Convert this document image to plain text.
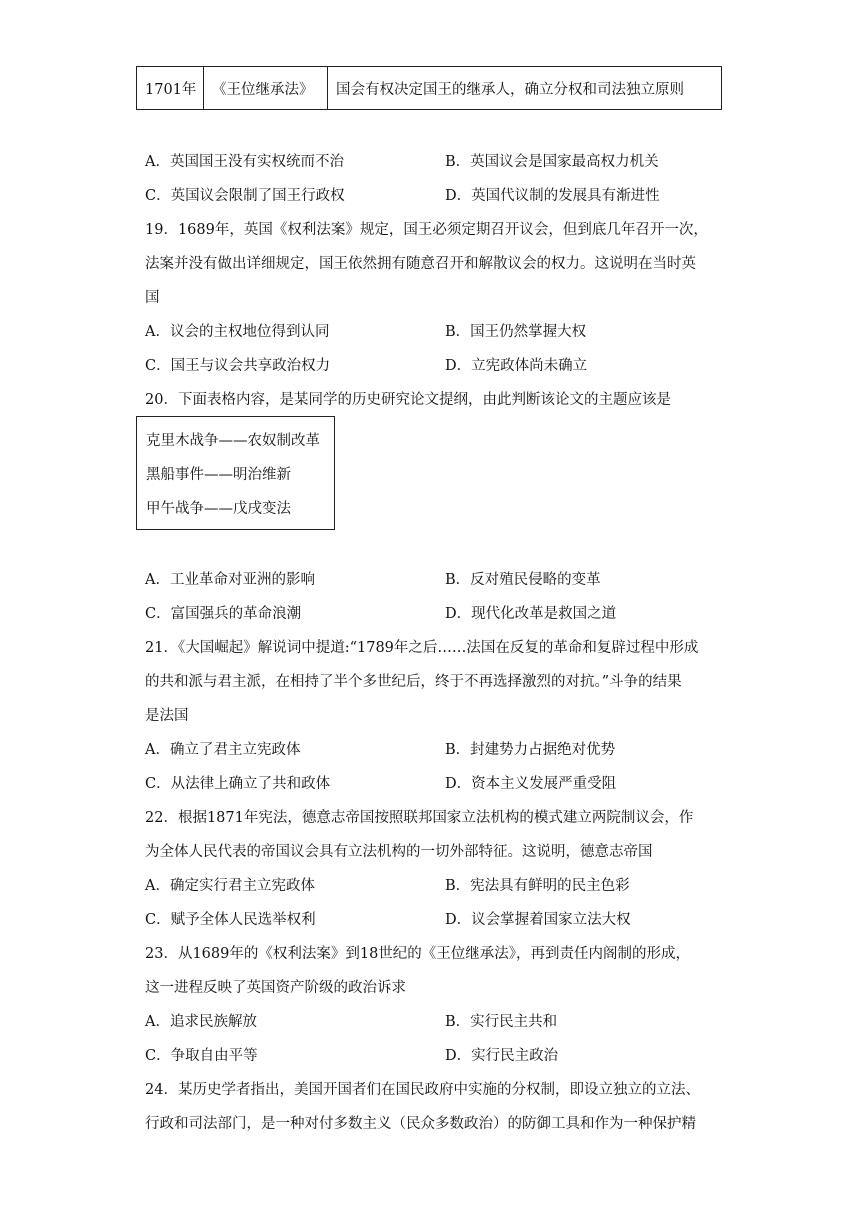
1701年	《王位继承法》	国会有权决定国王的继承人，确立分权和司法独立原则
A．英国国王没有实权统而不治	B．英国议会是国家最高权力机关
C．英国议会限制了国王行政权	D．英国代议制的发展具有渐进性
19．1689年，英国《权利法案》规定，国王必须定期召开议会，但到底几年召开一次，
法案并没有做出详细规定，国王依然拥有随意召开和解散议会的权力。这说明在当时英
国
A．议会的主权地位得到认同	B．国王仍然掌握大权
C．国王与议会共享政治权力	D．立宪政体尚未确立
20．下面表格内容，是某同学的历史研究论文提纲，由此判断该论文的主题应该是
克里木战争——农奴制改革
黑船事件——明治维新
甲午战争——戊戌变法
A．工业革命对亚洲的影响	B．反对殖民侵略的变革
C．富国强兵的革命浪潮	D．现代化改革是救国之道
21．《大国崛起》解说词中提道:“1789年之后……法国在反复的革命和复辟过程中形成
的共和派与君主派，在相持了半个多世纪后，终于不再选择激烈的对抗。”斗争的结果
是法国
A．确立了君主立宪政体	B．封建势力占据绝对优势
C．从法律上确立了共和政体	D．资本主义发展严重受阻
22．根据1871年宪法，德意志帝国按照联邦国家立法机构的模式建立两院制议会，作
为全体人民代表的帝国议会具有立法机构的一切外部特征。这说明，德意志帝国
A．确定实行君主立宪政体	B．宪法具有鲜明的民主色彩
C．赋予全体人民选举权利	D．议会掌握着国家立法大权
23．从1689年的《权利法案》到18世纪的《王位继承法》，再到责任内阁制的形成，
这一进程反映了英国资产阶级的政治诉求
A．追求民族解放	B．实行民主共和
C．争取自由平等	D．实行民主政治
24．某历史学者指出，美国开国者们在国民政府中实施的分权制，即设立独立的立法、
行政和司法部门，是一种对付多数主义（民众多数政治）的防御工具和作为一种保护精
